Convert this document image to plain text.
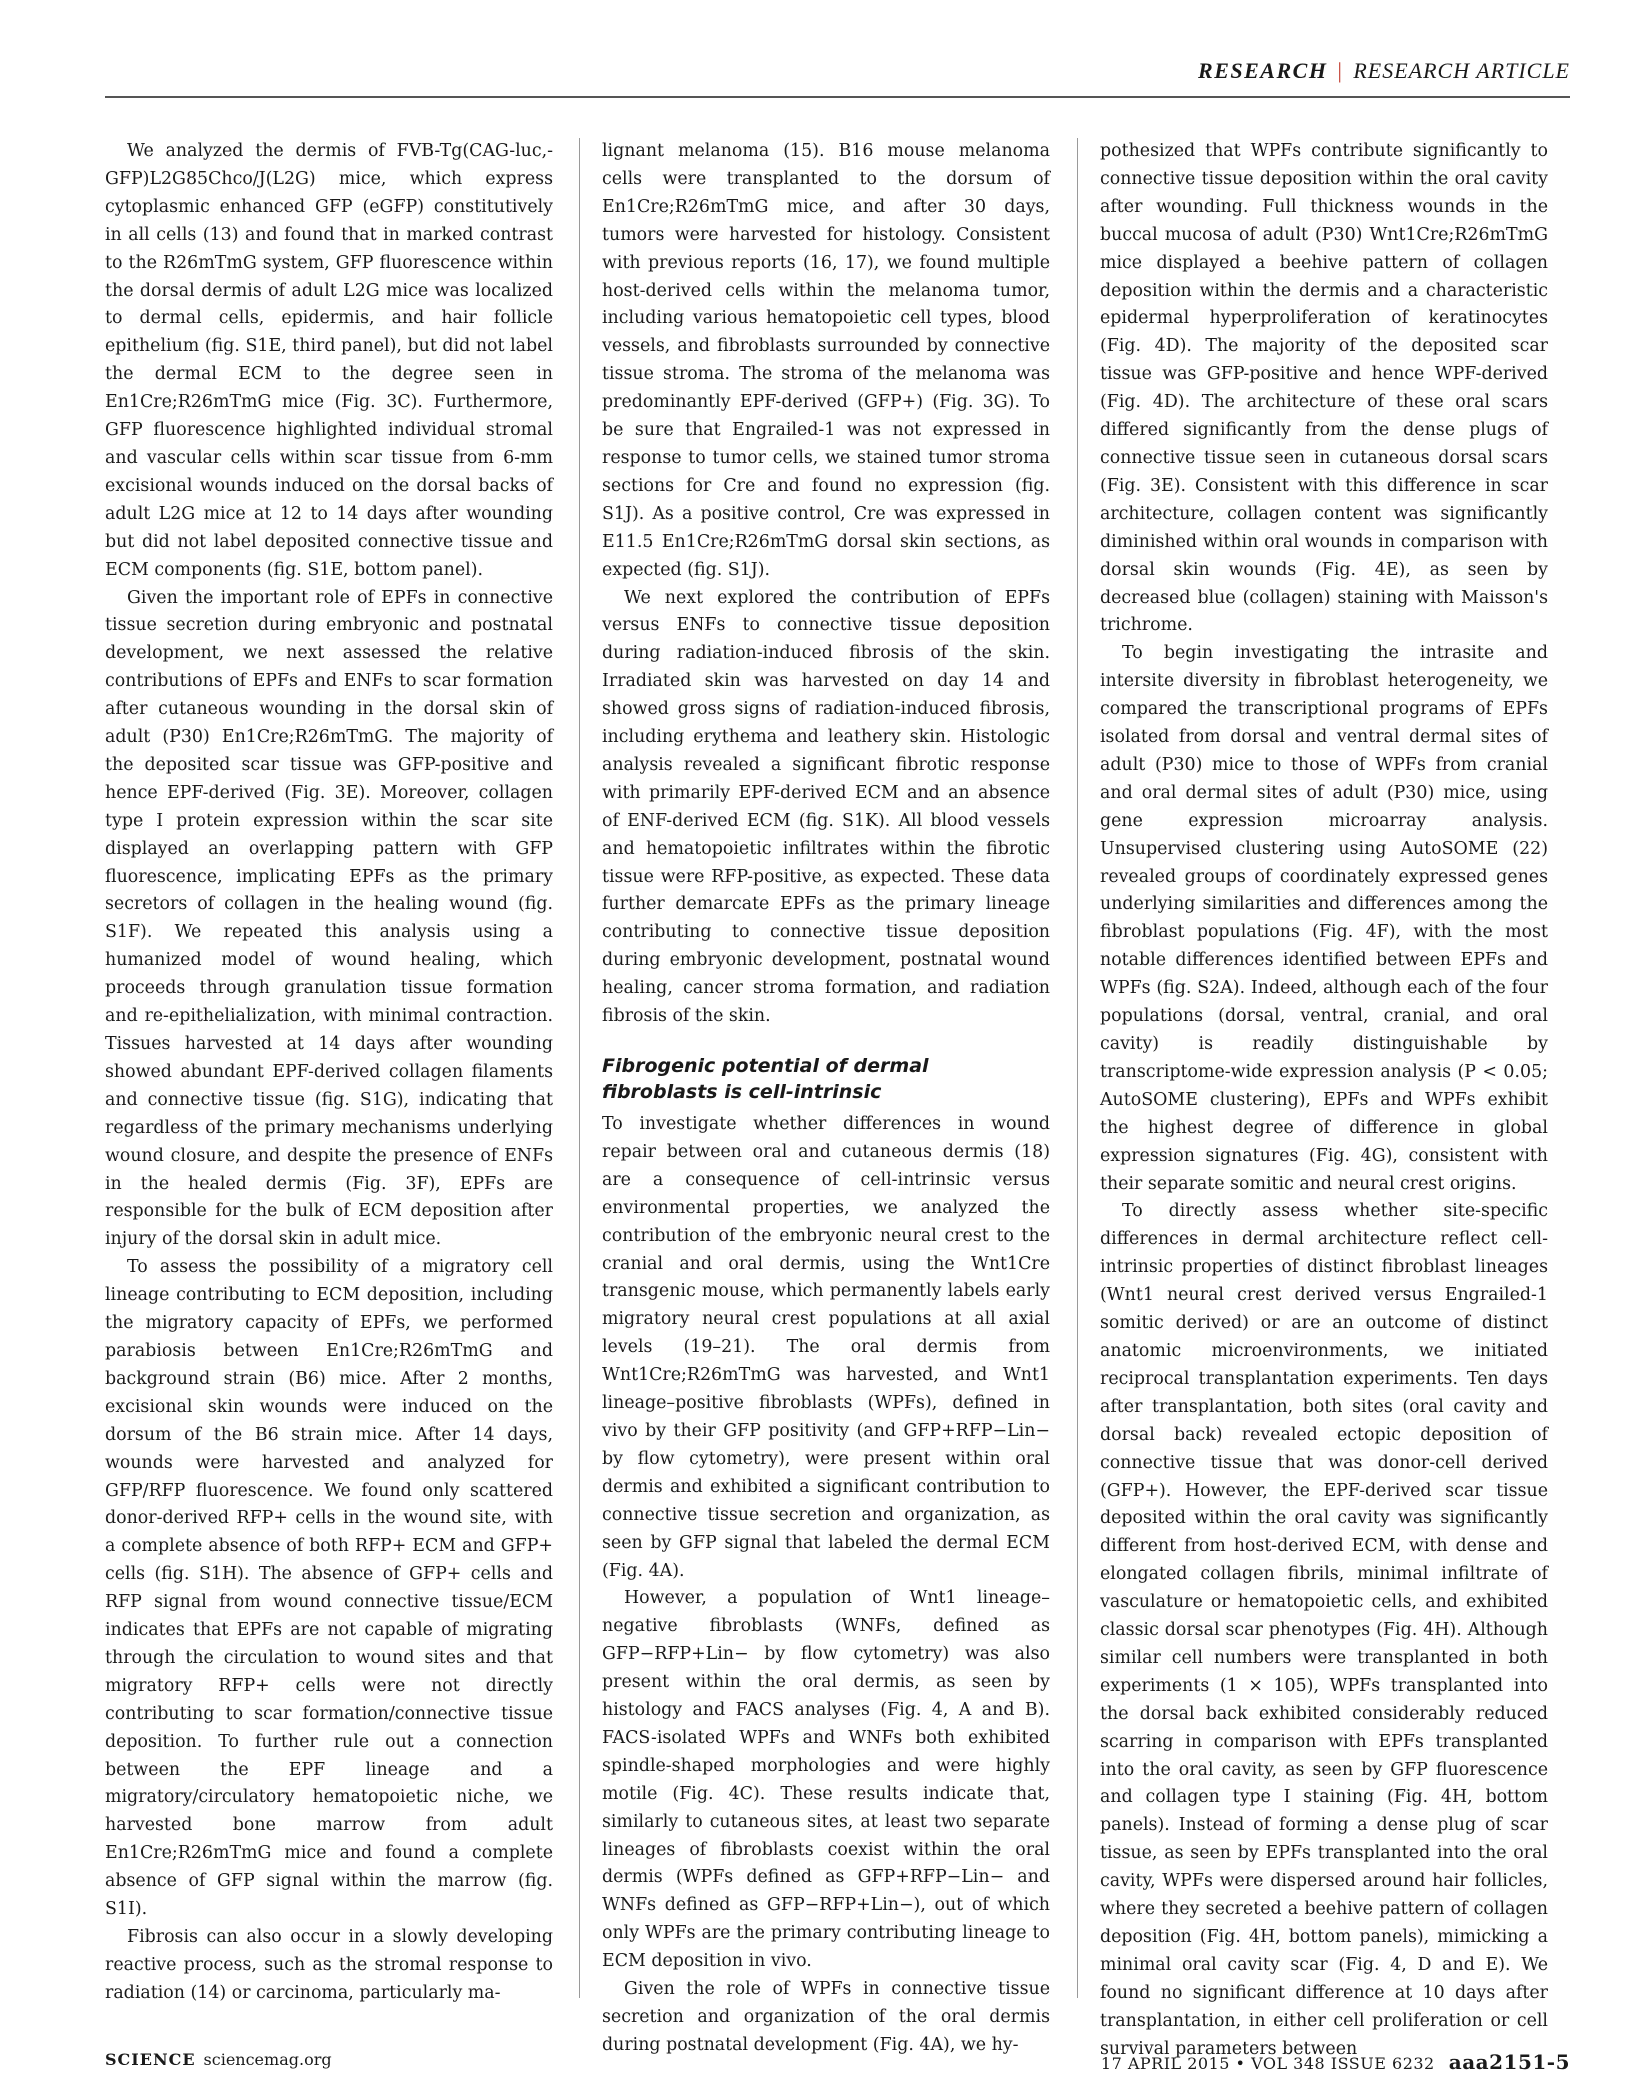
RESEARCH | RESEARCH ARTICLE

We analyzed the dermis of FVB-Tg(CAG-luc,-GFP)L2G85Chco/J(L2G) mice, which express cytoplasmic enhanced GFP (eGFP) constitutively in all cells (13) and found that in marked contrast to the R26mTmG system, GFP fluorescence within the dorsal dermis of adult L2G mice was localized to dermal cells, epidermis, and hair follicle epithelium (fig. S1E, third panel), but did not label the dermal ECM to the degree seen in En1Cre;R26mTmG mice (Fig. 3C). Furthermore, GFP fluorescence highlighted individual stromal and vascular cells within scar tissue from 6-mm excisional wounds induced on the dorsal backs of adult L2G mice at 12 to 14 days after wounding but did not label deposited connective tissue and ECM components (fig. S1E, bottom panel).

Given the important role of EPFs in connective tissue secretion during embryonic and postnatal development, we next assessed the relative contributions of EPFs and ENFs to scar formation after cutaneous wounding in the dorsal skin of adult (P30) En1Cre;R26mTmG. The majority of the deposited scar tissue was GFP-positive and hence EPF-derived (Fig. 3E). Moreover, collagen type I protein expression within the scar site displayed an overlapping pattern with GFP fluorescence, implicating EPFs as the primary secretors of collagen in the healing wound (fig. S1F). We repeated this analysis using a humanized model of wound healing, which proceeds through granulation tissue formation and re-epithelialization, with minimal contraction. Tissues harvested at 14 days after wounding showed abundant EPF-derived collagen filaments and connective tissue (fig. S1G), indicating that regardless of the primary mechanisms underlying wound closure, and despite the presence of ENFs in the healed dermis (Fig. 3F), EPFs are responsible for the bulk of ECM deposition after injury of the dorsal skin in adult mice.

To assess the possibility of a migratory cell lineage contributing to ECM deposition, including the migratory capacity of EPFs, we performed parabiosis between En1Cre;R26mTmG and background strain (B6) mice. After 2 months, excisional skin wounds were induced on the dorsum of the B6 strain mice. After 14 days, wounds were harvested and analyzed for GFP/RFP fluorescence. We found only scattered donor-derived RFP+ cells in the wound site, with a complete absence of both RFP+ ECM and GFP+ cells (fig. S1H). The absence of GFP+ cells and RFP signal from wound connective tissue/ECM indicates that EPFs are not capable of migrating through the circulation to wound sites and that migratory RFP+ cells were not directly contributing to scar formation/connective tissue deposition. To further rule out a connection between the EPF lineage and a migratory/circulatory hematopoietic niche, we harvested bone marrow from adult En1Cre;R26mTmG mice and found a complete absence of GFP signal within the marrow (fig. S1I).

Fibrosis can also occur in a slowly developing reactive process, such as the stromal response to radiation (14) or carcinoma, particularly ma-

lignant melanoma (15). B16 mouse melanoma cells were transplanted to the dorsum of En1Cre;R26mTmG mice, and after 30 days, tumors were harvested for histology. Consistent with previous reports (16, 17), we found multiple host-derived cells within the melanoma tumor, including various hematopoietic cell types, blood vessels, and fibroblasts surrounded by connective tissue stroma. The stroma of the melanoma was predominantly EPF-derived (GFP+) (Fig. 3G). To be sure that Engrailed-1 was not expressed in response to tumor cells, we stained tumor stroma sections for Cre and found no expression (fig. S1J). As a positive control, Cre was expressed in E11.5 En1Cre;R26mTmG dorsal skin sections, as expected (fig. S1J).

We next explored the contribution of EPFs versus ENFs to connective tissue deposition during radiation-induced fibrosis of the skin. Irradiated skin was harvested on day 14 and showed gross signs of radiation-induced fibrosis, including erythema and leathery skin. Histologic analysis revealed a significant fibrotic response with primarily EPF-derived ECM and an absence of ENF-derived ECM (fig. S1K). All blood vessels and hematopoietic infiltrates within the fibrotic tissue were RFP-positive, as expected. These data further demarcate EPFs as the primary lineage contributing to connective tissue deposition during embryonic development, postnatal wound healing, cancer stroma formation, and radiation fibrosis of the skin.

Fibrogenic potential of dermal fibroblasts is cell-intrinsic

To investigate whether differences in wound repair between oral and cutaneous dermis (18) are a consequence of cell-intrinsic versus environmental properties, we analyzed the contribution of the embryonic neural crest to the cranial and oral dermis, using the Wnt1Cre transgenic mouse, which permanently labels early migratory neural crest populations at all axial levels (19–21). The oral dermis from Wnt1Cre;R26mTmG was harvested, and Wnt1 lineage–positive fibroblasts (WPFs), defined in vivo by their GFP positivity (and GFP+RFP−Lin− by flow cytometry), were present within oral dermis and exhibited a significant contribution to connective tissue secretion and organization, as seen by GFP signal that labeled the dermal ECM (Fig. 4A).

However, a population of Wnt1 lineage–negative fibroblasts (WNFs, defined as GFP−RFP+Lin− by flow cytometry) was also present within the oral dermis, as seen by histology and FACS analyses (Fig. 4, A and B). FACS-isolated WPFs and WNFs both exhibited spindle-shaped morphologies and were highly motile (Fig. 4C). These results indicate that, similarly to cutaneous sites, at least two separate lineages of fibroblasts coexist within the oral dermis (WPFs defined as GFP+RFP−Lin− and WNFs defined as GFP−RFP+Lin−), out of which only WPFs are the primary contributing lineage to ECM deposition in vivo.

Given the role of WPFs in connective tissue secretion and organization of the oral dermis during postnatal development (Fig. 4A), we hy-

pothesized that WPFs contribute significantly to connective tissue deposition within the oral cavity after wounding. Full thickness wounds in the buccal mucosa of adult (P30) Wnt1Cre;R26mTmG mice displayed a beehive pattern of collagen deposition within the dermis and a characteristic epidermal hyperproliferation of keratinocytes (Fig. 4D). The majority of the deposited scar tissue was GFP-positive and hence WPF-derived (Fig. 4D). The architecture of these oral scars differed significantly from the dense plugs of connective tissue seen in cutaneous dorsal scars (Fig. 3E). Consistent with this difference in scar architecture, collagen content was significantly diminished within oral wounds in comparison with dorsal skin wounds (Fig. 4E), as seen by decreased blue (collagen) staining with Maisson's trichrome.

To begin investigating the intrasite and intersite diversity in fibroblast heterogeneity, we compared the transcriptional programs of EPFs isolated from dorsal and ventral dermal sites of adult (P30) mice to those of WPFs from cranial and oral dermal sites of adult (P30) mice, using gene expression microarray analysis. Unsupervised clustering using AutoSOME (22) revealed groups of coordinately expressed genes underlying similarities and differences among the fibroblast populations (Fig. 4F), with the most notable differences identified between EPFs and WPFs (fig. S2A). Indeed, although each of the four populations (dorsal, ventral, cranial, and oral cavity) is readily distinguishable by transcriptome-wide expression analysis (P < 0.05; AutoSOME clustering), EPFs and WPFs exhibit the highest degree of difference in global expression signatures (Fig. 4G), consistent with their separate somitic and neural crest origins.

To directly assess whether site-specific differences in dermal architecture reflect cell-intrinsic properties of distinct fibroblast lineages (Wnt1 neural crest derived versus Engrailed-1 somitic derived) or are an outcome of distinct anatomic microenvironments, we initiated reciprocal transplantation experiments. Ten days after transplantation, both sites (oral cavity and dorsal back) revealed ectopic deposition of connective tissue that was donor-cell derived (GFP+). However, the EPF-derived scar tissue deposited within the oral cavity was significantly different from host-derived ECM, with dense and elongated collagen fibrils, minimal infiltrate of vasculature or hematopoietic cells, and exhibited classic dorsal scar phenotypes (Fig. 4H). Although similar cell numbers were transplanted in both experiments (1 × 105), WPFs transplanted into the dorsal back exhibited considerably reduced scarring in comparison with EPFs transplanted into the oral cavity, as seen by GFP fluorescence and collagen type I staining (Fig. 4H, bottom panels). Instead of forming a dense plug of scar tissue, as seen by EPFs transplanted into the oral cavity, WPFs were dispersed around hair follicles, where they secreted a beehive pattern of collagen deposition (Fig. 4H, bottom panels), mimicking a minimal oral cavity scar (Fig. 4, D and E). We found no significant difference at 10 days after transplantation, in either cell proliferation or cell survival parameters between

SCIENCE sciencemag.org	17 APRIL 2015 • VOL 348 ISSUE 6232 aaa2151-5
